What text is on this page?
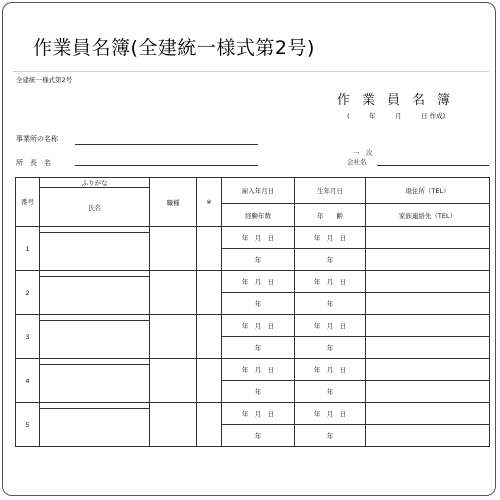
作業員名簿(全建統一様式第2号)
全建統一様式第2号
作業員名簿
(　　　年　　　月　　　日 作成)
事業所の名称
所　長　名
一　次
会社名
番号	ふりがな	職種	※	雇入年月日	生年月日	現住所（TEL）
	氏名					
				経験年数	年　　齢	家族連絡先（TEL）
1				年　月　日	年　月　日	

				年	年	
2				年　月　日	年　月　日	

				年	年	
3				年　月　日	年　月　日	

				年	年	
4				年　月　日	年　月　日	

				年	年	
5				年　月　日	年　月　日	

				年	年	
